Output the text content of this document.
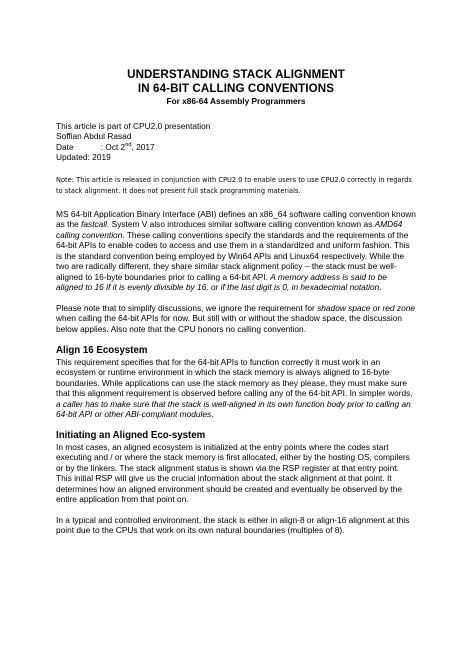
UNDERSTANDING STACK ALIGNMENT
IN 64-BIT CALLING CONVENTIONS
For x86-64 Assembly Programmers
This article is part of CPU2.0 presentation
Soffian Abdul Rasad
Date	: Oct 2nd, 2017
Updated: 2019
Note: This article is released in conjunction with CPU2.0 to enable users to use CPU2.0 correctly in regards to stack alignment. It does not present full stack programming materials.

MS 64-bit Application Binary Interface (ABI) defines an x86_64 software calling convention known as the fastcall. System V also introduces similar software calling convention known as AMD64 calling convention. These calling conventions specify the standards and the requirements of the 64-bit APIs to enable codes to access and use them in a standardized and uniform fashion. This is the standard convention being employed by Win64 APIs and Linux64 respectively. While the two are radically different, they share similar stack alignment policy – the stack must be well-aligned to 16-byte boundaries prior to calling a 64-bit API. A memory address is said to be aligned to 16 if it is evenly divisible by 16, or if the last digit is 0, in hexadecimal notation.

Please note that to simplify discussions, we ignore the requirement for shadow space or red zone when calling the 64-bit APIs for now. But still with or without the shadow space, the discussion below applies. Also note that the CPU honors no calling convention.

Align 16 Ecosystem

This requirement specifies that for the 64-bit APIs to function correctly it must work in an ecosystem or runtime environment in which the stack memory is always aligned to 16-byte boundaries. While applications can use the stack memory as they please, they must make sure that this alignment requirement is observed before calling any of the 64-bit API. In simpler words, a caller has to make sure that the stack is well-aligned in its own function body prior to calling an 64-bit API or other ABI-compliant modules.

Initiating an Aligned Eco-system

In most cases, an aligned ecosystem is initialized at the entry points where the codes start executing and / or where the stack memory is first allocated, either by the hosting OS, compilers or by the linkers. The stack alignment status is shown via the RSP register at that entry point. This initial RSP will give us the crucial information about the stack alignment at that point. It determines how an aligned environment should be created and eventually be observed by the entire application from that point on.

In a typical and controlled environment, the stack is either in align-8 or align-16 alignment at this point due to the CPUs that work on its own natural boundaries (multiples of 8).
